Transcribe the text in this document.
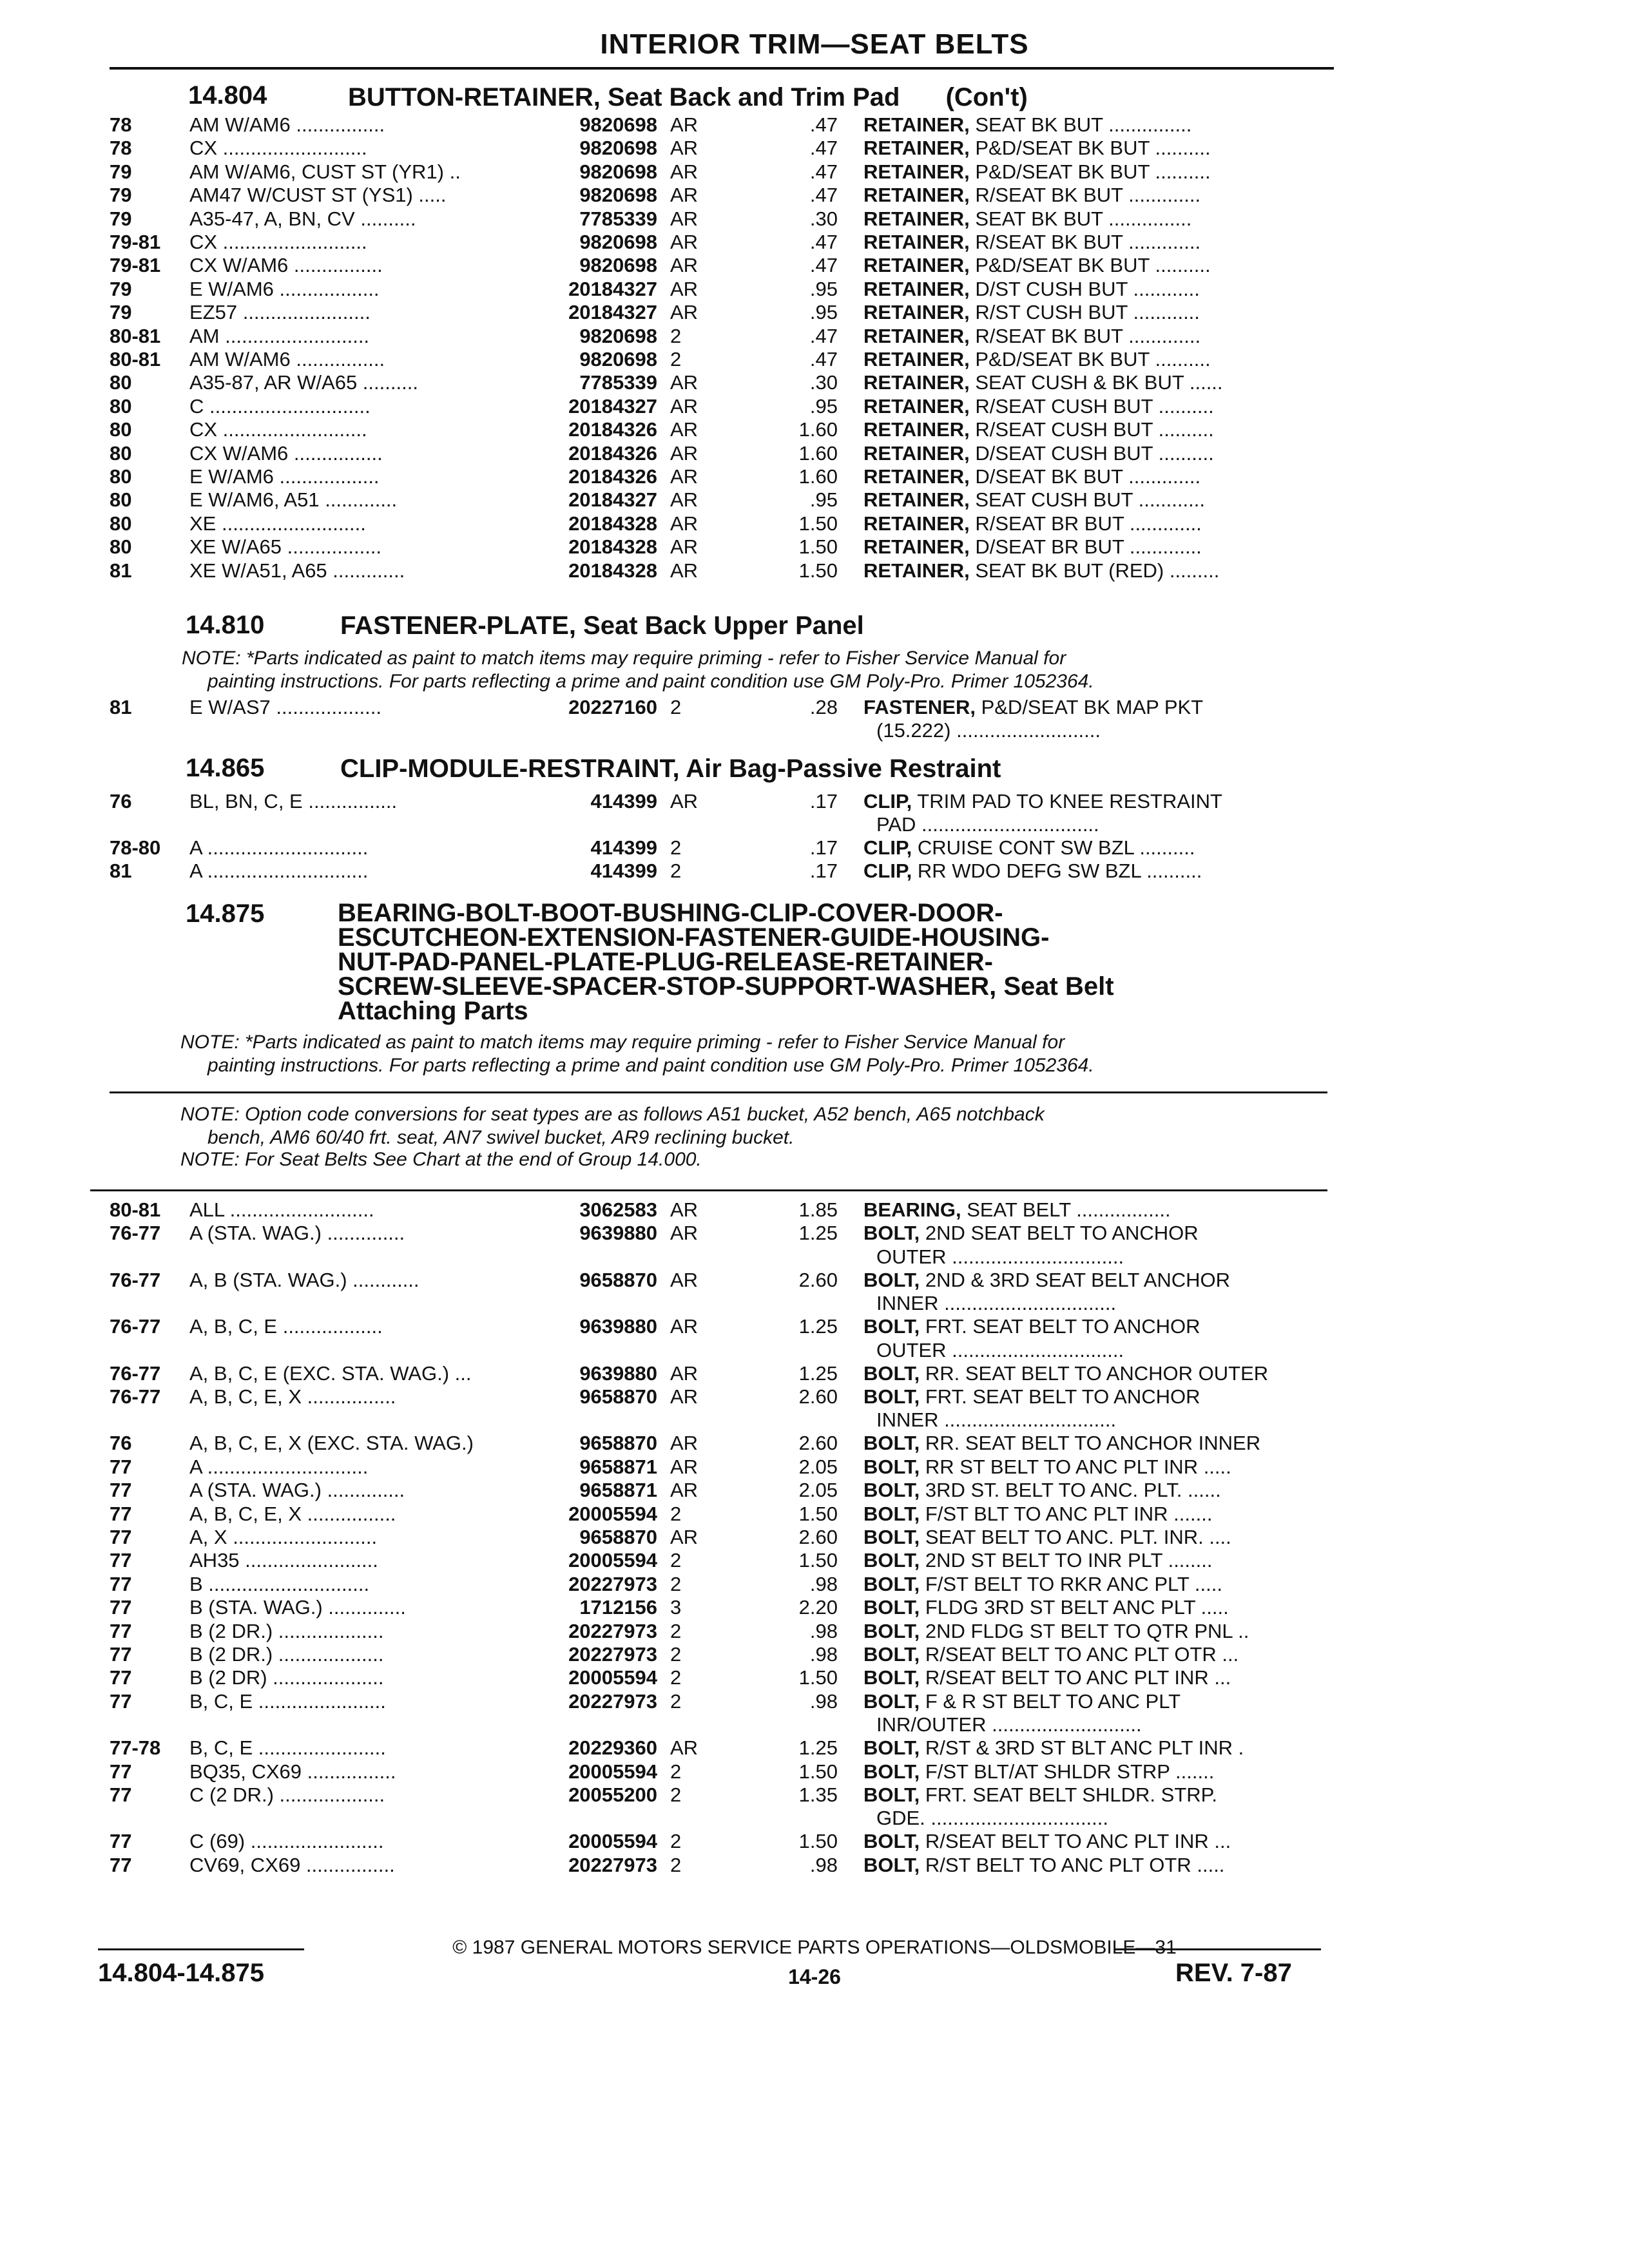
INTERIOR TRIM—SEAT BELTS
14.804	BUTTON-RETAINER, Seat Back and Trim Pad (Con't)
78	AM W/AM6 ................	9820698 AR	.47 RETAINER, SEAT BK BUT ...............
78	CX ..........................	9820698 AR	.47 RETAINER, P&D/SEAT BK BUT ..........
79	AM W/AM6, CUST ST (YR1) ..	9820698 AR	.47 RETAINER, P&D/SEAT BK BUT ..........
79	AM47 W/CUST ST (YS1) .....	9820698 AR	.47 RETAINER, R/SEAT BK BUT .............
79	A35-47, A, BN, CV ..........	7785339 AR	.30 RETAINER, SEAT BK BUT ...............
79-81 CX ..........................	9820698 AR	.47 RETAINER, R/SEAT BK BUT .............
79-81 CX W/AM6 ................	9820698 AR	.47 RETAINER, P&D/SEAT BK BUT ..........
79	E W/AM6 ..................	20184327 AR	.95 RETAINER, D/ST CUSH BUT ............
79	EZ57 .......................	20184327 AR	.95 RETAINER, R/ST CUSH BUT ............
80-81 AM ..........................	9820698 2	.47 RETAINER, R/SEAT BK BUT .............
80-81 AM W/AM6 ................	9820698 2	.47 RETAINER, P&D/SEAT BK BUT ..........
80	A35-87, AR W/A65 ..........	7785339 AR	.30 RETAINER, SEAT CUSH & BK BUT ......
80	C .............................	20184327 AR	.95 RETAINER, R/SEAT CUSH BUT ..........
80	CX ..........................	20184326 AR	1.60 RETAINER, R/SEAT CUSH BUT ..........
80	CX W/AM6 ................	20184326 AR	1.60 RETAINER, D/SEAT CUSH BUT ..........
80	E W/AM6 ..................	20184326 AR	1.60 RETAINER, D/SEAT BK BUT .............
80	E W/AM6, A51 .............	20184327 AR	.95 RETAINER, SEAT CUSH BUT ............
80	XE ..........................	20184328 AR	1.50 RETAINER, R/SEAT BR BUT .............
80	XE W/A65 .................	20184328 AR	1.50 RETAINER, D/SEAT BR BUT .............
81	XE W/A51, A65 .............	20184328 AR	1.50 RETAINER, SEAT BK BUT (RED) .........
14.810	FASTENER-PLATE, Seat Back Upper Panel
NOTE: *Parts indicated as paint to match items may require priming - refer to Fisher Service Manual for
painting instructions. For parts reflecting a prime and paint condition use GM Poly-Pro. Primer 1052364.
81	E W/AS7 ...................	20227160 2	.28 FASTENER, P&D/SEAT BK MAP PKT
(15.222) ..........................
14.865	CLIP-MODULE-RESTRAINT, Air Bag-Passive Restraint
76	BL, BN, C, E ................	414399 AR	.17 CLIP, TRIM PAD TO KNEE RESTRAINT
PAD ................................
78-80 A .............................	414399 2	.17 CLIP, CRUISE CONT SW BZL ..........
81	A .............................	414399 2	.17 CLIP, RR WDO DEFG SW BZL ..........
14.875	BEARING-BOLT-BOOT-BUSHING-CLIP-COVER-DOOR-
ESCUTCHEON-EXTENSION-FASTENER-GUIDE-HOUSING-
NUT-PAD-PANEL-PLATE-PLUG-RELEASE-RETAINER-
SCREW-SLEEVE-SPACER-STOP-SUPPORT-WASHER, Seat Belt
Attaching Parts
NOTE: *Parts indicated as paint to match items may require priming - refer to Fisher Service Manual for
painting instructions. For parts reflecting a prime and paint condition use GM Poly-Pro. Primer 1052364.
NOTE: Option code conversions for seat types are as follows A51 bucket, A52 bench, A65 notchback
bench, AM6 60/40 frt. seat, AN7 swivel bucket, AR9 reclining bucket.
NOTE: For Seat Belts See Chart at the end of Group 14.000.
80-81 ALL ..........................	3062583 AR	1.85 BEARING, SEAT BELT .................
76-77 A (STA. WAG.) ..............	9639880 AR	1.25 BOLT, 2ND SEAT BELT TO ANCHOR
OUTER ...............................
76-77 A, B (STA. WAG.) ............	9658870 AR	2.60 BOLT, 2ND & 3RD SEAT BELT ANCHOR
INNER ...............................
76-77 A, B, C, E ..................	9639880 AR	1.25 BOLT, FRT. SEAT BELT TO ANCHOR
OUTER ...............................
76-77 A, B, C, E (EXC. STA. WAG.) ...	9639880 AR	1.25 BOLT, RR. SEAT BELT TO ANCHOR OUTER
76-77 A, B, C, E, X ................	9658870 AR	2.60 BOLT, FRT. SEAT BELT TO ANCHOR
INNER ...............................
76	A, B, C, E, X (EXC. STA. WAG.)	9658870 AR	2.60 BOLT, RR. SEAT BELT TO ANCHOR INNER
77	A .............................	9658871 AR	2.05 BOLT, RR ST BELT TO ANC PLT INR .....
77	A (STA. WAG.) ..............	9658871 AR	2.05 BOLT, 3RD ST. BELT TO ANC. PLT. ......
77	A, B, C, E, X ................	20005594 2	1.50 BOLT, F/ST BLT TO ANC PLT INR .......
77	A, X ..........................	9658870 AR	2.60 BOLT, SEAT BELT TO ANC. PLT. INR. ....
77	AH35 ........................	20005594 2	1.50 BOLT, 2ND ST BELT TO INR PLT ........
77	B .............................	20227973 2	.98 BOLT, F/ST BELT TO RKR ANC PLT .....
77	B (STA. WAG.) ..............	1712156 3	2.20 BOLT, FLDG 3RD ST BELT ANC PLT .....
77	B (2 DR.) ...................	20227973 2	.98 BOLT, 2ND FLDG ST BELT TO QTR PNL ..
77	B (2 DR.) ...................	20227973 2	.98 BOLT, R/SEAT BELT TO ANC PLT OTR ...
77	B (2 DR) ....................	20005594 2	1.50 BOLT, R/SEAT BELT TO ANC PLT INR ...
77	B, C, E .......................	20227973 2	.98 BOLT, F & R ST BELT TO ANC PLT
INR/OUTER ...........................
77-78 B, C, E .......................	20229360 AR	1.25 BOLT, R/ST & 3RD ST BLT ANC PLT INR .
77	BQ35, CX69 ................	20005594 2	1.50 BOLT, F/ST BLT/AT SHLDR STRP .......
77	C (2 DR.) ...................	20055200 2	1.35 BOLT, FRT. SEAT BELT SHLDR. STRP.
GDE. ................................
77	C (69) ........................	20005594 2	1.50 BOLT, R/SEAT BELT TO ANC PLT INR ...
77	CV69, CX69 ................	20227973 2	.98 BOLT, R/ST BELT TO ANC PLT OTR .....
© 1987 GENERAL MOTORS SERVICE PARTS OPERATIONS—OLDSMOBILE—31
14.804-14.875	14-26	REV. 7-87
